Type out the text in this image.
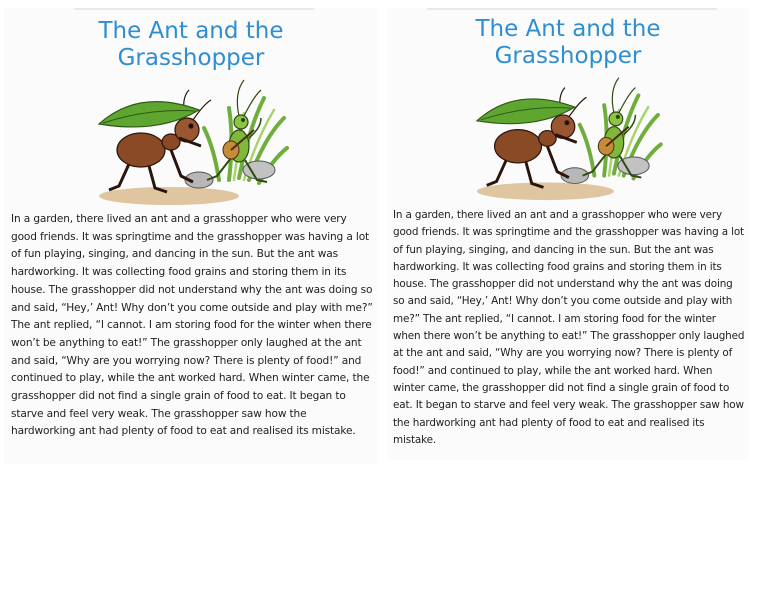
The Ant and the
Grasshopper

In a garden, there lived an ant and a grasshopper who were very good friends. It was springtime and the grasshopper was having a lot of fun playing, singing, and dancing in the sun. But the ant was hardworking. It was collecting food grains and storing them in its house. The grasshopper did not understand why the ant was doing so and said, “Hey,’ Ant! Why don’t you come outside and play with me?” The ant replied, “I cannot. I am storing food for the winter when there won’t be anything to eat!” The grasshopper only laughed at the ant and said, “Why are you worrying now? There is plenty of food!” and continued to play, while the ant worked hard. When winter came, the grasshopper did not find a single grain of food to eat. It began to starve and feel very weak. The grasshopper saw how the hardworking ant had plenty of food to eat and realised its mistake.

The Ant and the
Grasshopper

In a garden, there lived an ant and a grasshopper who were very good friends. It was springtime and the grasshopper was having a lot of fun playing, singing, and dancing in the sun. But the ant was hardworking. It was collecting food grains and storing them in its house. The grasshopper did not understand why the ant was doing so and said, “Hey,’ Ant! Why don’t you come outside and play with me?” The ant replied, “I cannot. I am storing food for the winter when there won’t be anything to eat!” The grasshopper only laughed at the ant and said, “Why are you worrying now? There is plenty of food!” and continued to play, while the ant worked hard. When winter came, the grasshopper did not find a single grain of food to eat. It began to starve and feel very weak. The grasshopper saw how the hardworking ant had plenty of food to eat and realised its mistake.
